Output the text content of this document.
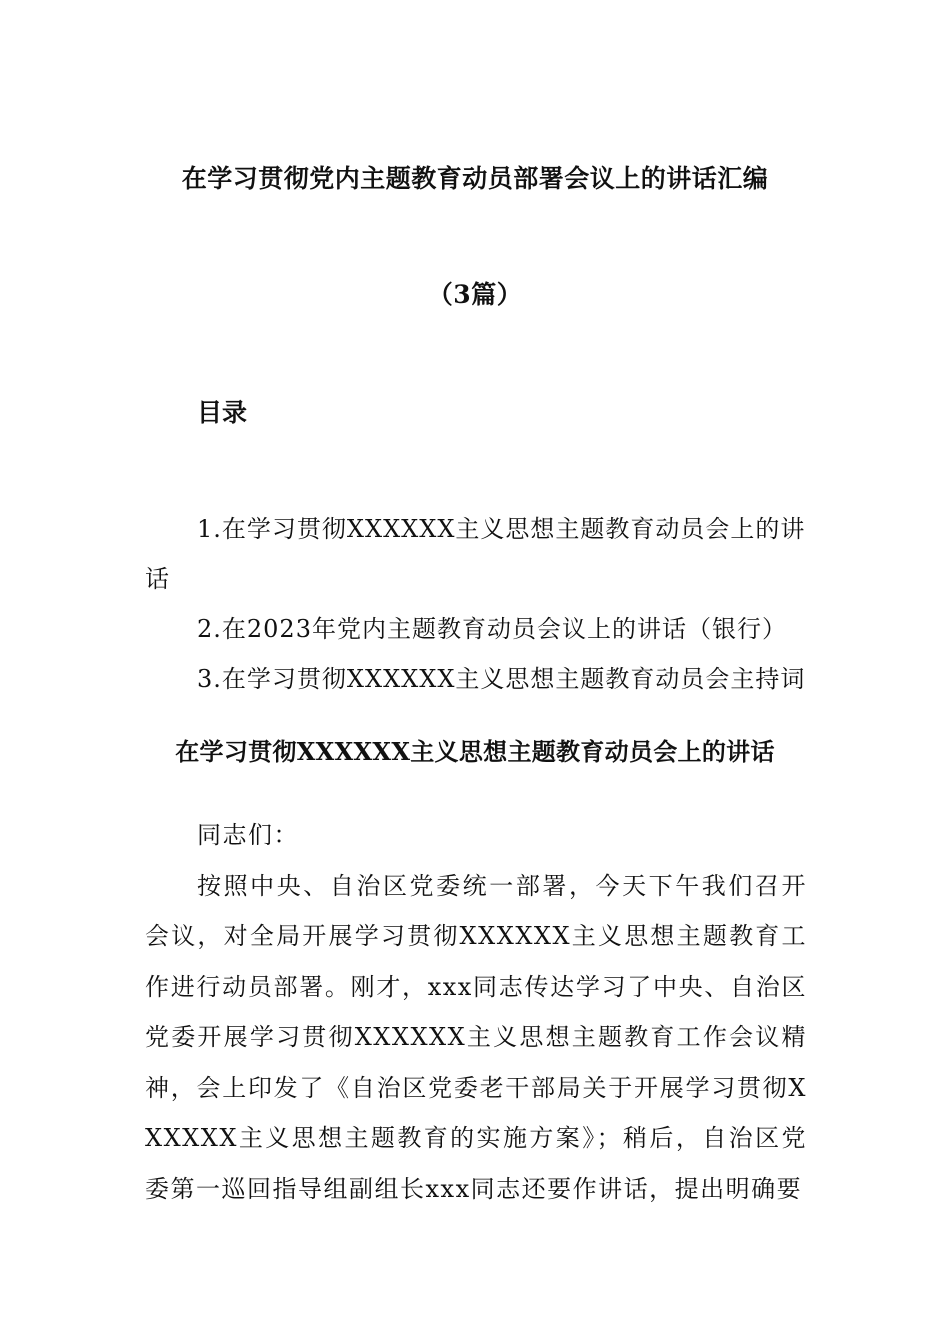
在学习贯彻党内主题教育动员部署会议上的讲话汇编
（3篇）
目录
1.在学习贯彻XXXXXX主义思想主题教育动员会上的讲话
2.在2023年党内主题教育动员会议上的讲话（银行）
3.在学习贯彻XXXXXX主义思想主题教育动员会主持词
在学习贯彻XXXXXX主义思想主题教育动员会上的讲话

同志们：

按照中央、自治区党委统一部署，今天下午我们召开会议，对全局开展学习贯彻XXXXXX主义思想主题教育工作进行动员部署。刚才，xxx同志传达学习了中央、自治区党委开展学习贯彻XXXXXX主义思想主题教育工作会议精神，会上印发了《自治区党委老干部局关于开展学习贯彻XXXXXX主义思想主题教育的实施方案》；稍后，自治区党委第一巡回指导组副组长xxx同志还要作讲话，提出明确要
